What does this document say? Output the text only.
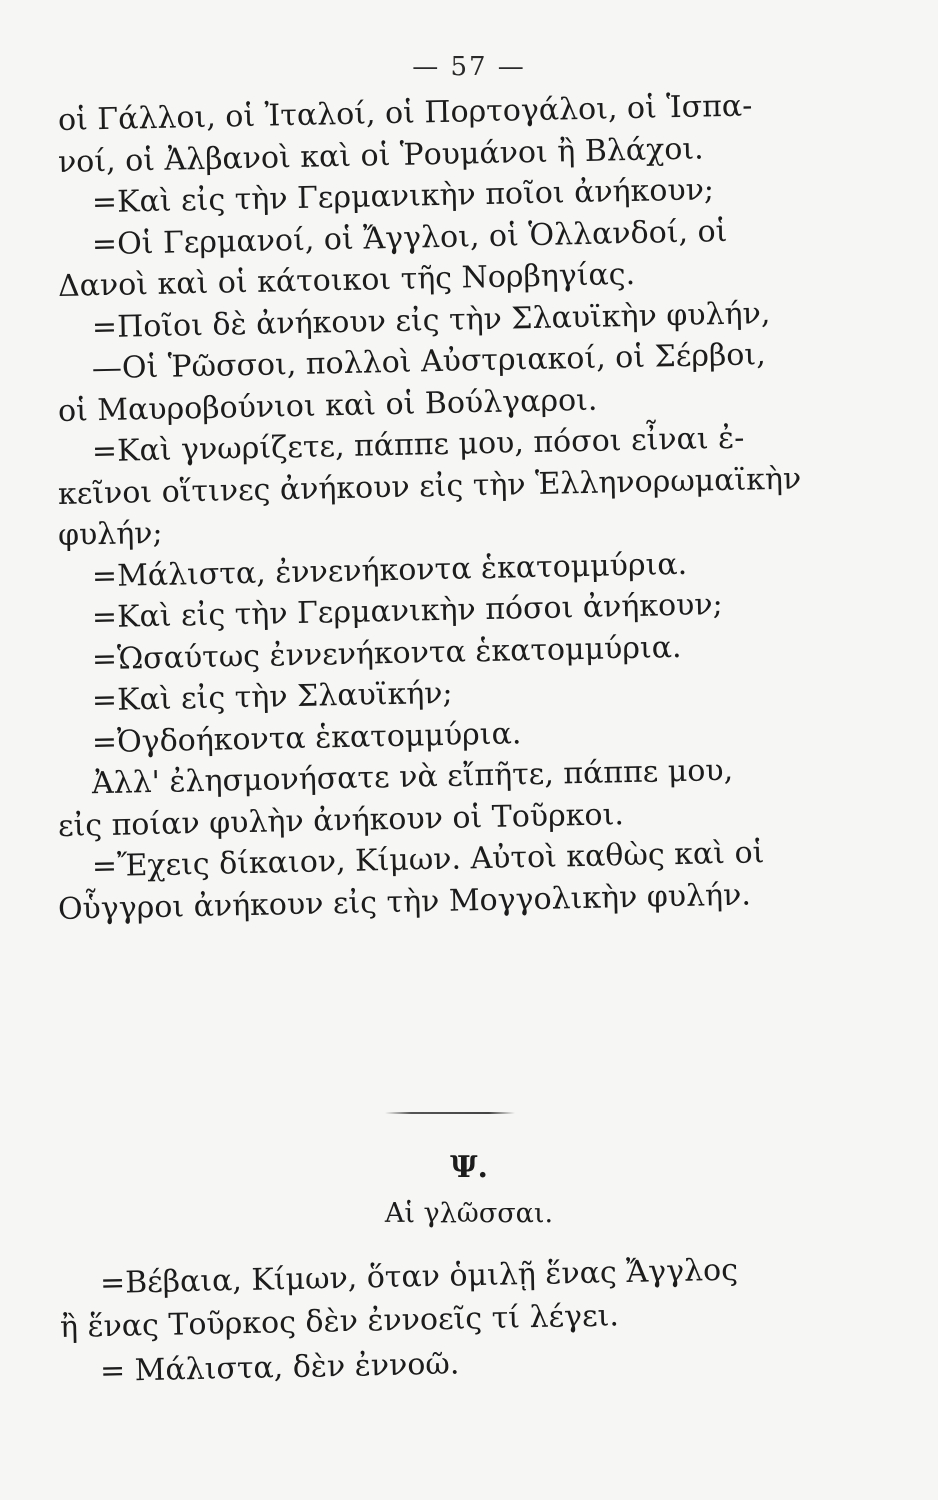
— 57 —
οἱ Γάλλοι, οἱ Ἰταλοί, οἱ Πορτογάλοι, οἱ Ἱσπα-
νοί, οἱ Ἀλβανοὶ καὶ οἱ Ῥουμάνοι ἢ Βλάχοι.
=Καὶ εἰς τὴν Γερμανικὴν ποῖοι ἀνήκουν;
=Οἱ Γερμανοί, οἱ Ἄγγλοι, οἱ Ὁλλανδοί, οἱ
Δανοὶ καὶ οἱ κάτοικοι τῆς Νορβηγίας.
=Ποῖοι δὲ ἀνήκουν εἰς τὴν Σλαυϊκὴν φυλήν,
—Οἱ Ῥῶσσοι, πολλοὶ Αὐστριακοί, οἱ Σέρβοι,
οἱ Μαυροβούνιοι καὶ οἱ Βούλγαροι.
=Καὶ γνωρίζετε, πάππε μου, πόσοι εἶναι ἐ-
κεῖνοι οἵτινες ἀνήκουν εἰς τὴν Ἑλληνορωμαϊκὴν
φυλήν;
=Μάλιστα, ἐννενήκοντα ἑκατομμύρια.
=Καὶ εἰς τὴν Γερμανικὴν πόσοι ἀνήκουν;
=Ὡσαύτως ἐννενήκοντα ἑκατομμύρια.
=Καὶ εἰς τὴν Σλαυϊκήν;
=Ὀγδοήκοντα ἑκατομμύρια.
Ἀλλ' ἐλησμονήσατε νὰ εἴπῆτε, πάππε μου,
εἰς ποίαν φυλὴν ἀνήκουν οἱ Τοῦρκοι.
=Ἔχεις δίκαιον, Κίμων. Αὐτοὶ καθὼς καὶ οἱ
Οὗγγροι ἀνήκουν εἰς τὴν Μογγολικὴν φυλήν.
Ψ.
Αἱ γλῶσσαι.
=Βέβαια, Κίμων, ὅταν ὁμιλῇ ἕνας Ἄγγλος
ἢ ἕνας Τοῦρκος δὲν ἐννοεῖς τί λέγει.
= Μάλιστα, δὲν ἐννοῶ.
